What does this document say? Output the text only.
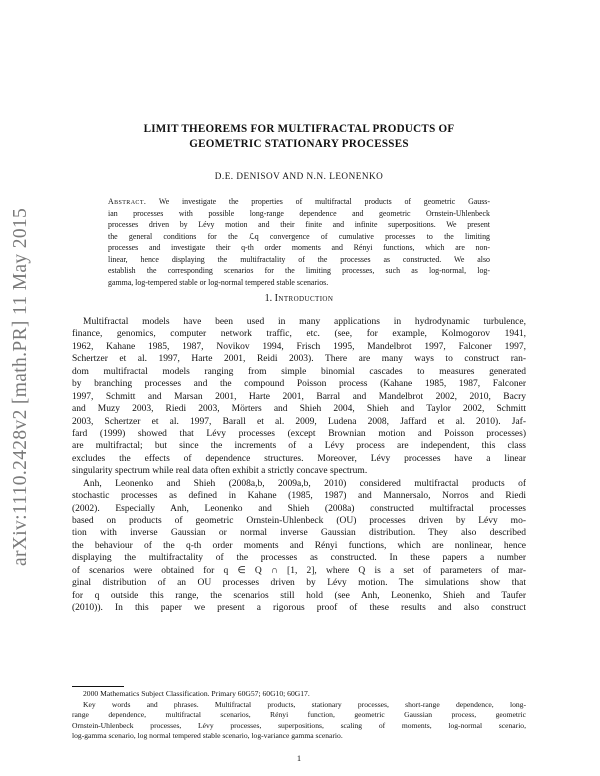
arXiv:1110.2428v2 [math.PR] 11 May 2015
LIMIT THEOREMS FOR MULTIFRACTAL PRODUCTS OF
GEOMETRIC STATIONARY PROCESSES
D.E. DENISOV AND N.N. LEONENKO
Abstract. We investigate the properties of multifractal products of geometric Gauss-
ian processes with possible long-range dependence and geometric Ornstein-Uhlenbeck
processes driven by Lévy motion and their finite and infinite superpositions. We present
the general conditions for the ℒq convergence of cumulative processes to the limiting
processes and investigate their q-th order moments and Rényi functions, which are non-
linear, hence displaying the multifractality of the processes as constructed. We also
establish the corresponding scenarios for the limiting processes, such as log-normal, log-
gamma, log-tempered stable or log-normal tempered stable scenarios.
1. Introduction
Multifractal models have been used in many applications in hydrodynamic turbulence,
finance, genomics, computer network traffic, etc. (see, for example, Kolmogorov 1941,
1962, Kahane 1985, 1987, Novikov 1994, Frisch 1995, Mandelbrot 1997, Falconer 1997,
Schertzer et al. 1997, Harte 2001, Reidi 2003). There are many ways to construct ran-
dom multifractal models ranging from simple binomial cascades to measures generated
by branching processes and the compound Poisson process (Kahane 1985, 1987, Falconer
1997, Schmitt and Marsan 2001, Harte 2001, Barral and Mandelbrot 2002, 2010, Bacry
and Muzy 2003, Riedi 2003, Mörters and Shieh 2004, Shieh and Taylor 2002, Schmitt
2003, Schertzer et al. 1997, Barall et al. 2009, Ludena 2008, Jaffard et al. 2010). Jaf-
fard (1999) showed that Lévy processes (except Brownian motion and Poisson processes)
are multifractal; but since the increments of a Lévy process are independent, this class
excludes the effects of dependence structures. Moreover, Lévy processes have a linear
singularity spectrum while real data often exhibit a strictly concave spectrum.
Anh, Leonenko and Shieh (2008a,b, 2009a,b, 2010) considered multifractal products of
stochastic processes as defined in Kahane (1985, 1987) and Mannersalo, Norros and Riedi
(2002). Especially Anh, Leonenko and Shieh (2008a) constructed multifractal processes
based on products of geometric Ornstein-Uhlenbeck (OU) processes driven by Lévy mo-
tion with inverse Gaussian or normal inverse Gaussian distribution. They also described
the behaviour of the q-th order moments and Rényi functions, which are nonlinear, hence
displaying the multifractality of the processes as constructed. In these papers a number
of scenarios were obtained for q ∈ Q ∩ [1, 2], where Q is a set of parameters of mar-
ginal distribution of an OU processes driven by Lévy motion. The simulations show that
for q outside this range, the scenarios still hold (see Anh, Leonenko, Shieh and Taufer
(2010)). In this paper we present a rigorous proof of these results and also construct
2000 Mathematics Subject Classification. Primary 60G57; 60G10; 60G17.
Key words and phrases. Multifractal products, stationary processes, short-range dependence, long-
range dependence, multifractal scenarios, Rényi function, geometric Gaussian process, geometric
Ornstein-Uhlenbeck processes, Lévy processes, superpositions, scaling of moments, log-normal scenario,
log-gamma scenario, log normal tempered stable scenario, log-variance gamma scenario.
1
